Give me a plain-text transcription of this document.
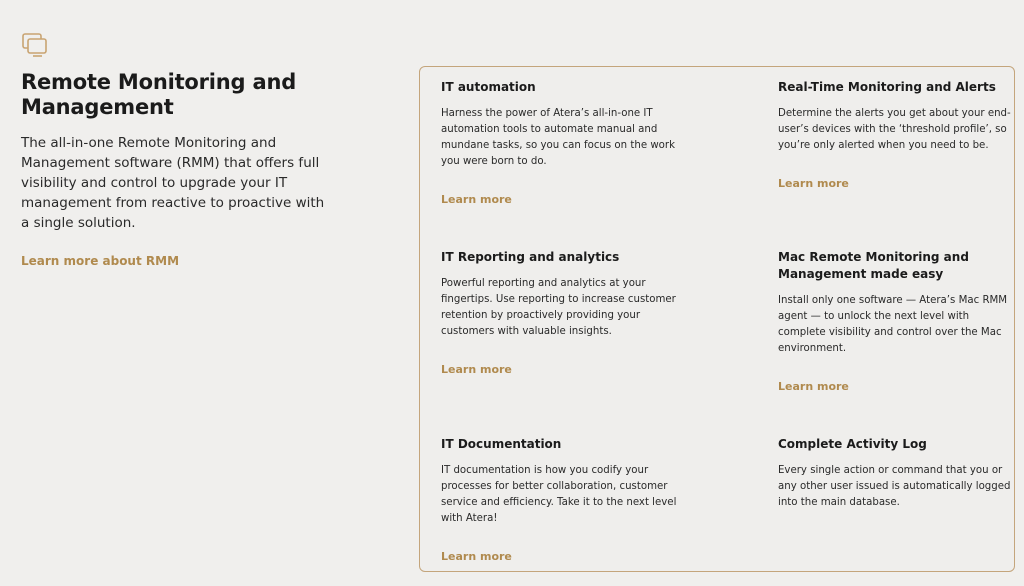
Remote Monitoring and Management

The all-in-one Remote Monitoring and Management software (RMM) that offers full visibility and control to upgrade your IT management from reactive to proactive with a single solution.

Learn more about RMM
IT automation

Harness the power of Atera’s all-in-one IT automation tools to automate manual and mundane tasks, so you can focus on the work you were born to do.

Learn more
Real-Time Monitoring and Alerts

Determine the alerts you get about your end-user’s devices with the ‘threshold profile’, so you’re only alerted when you need to be.

Learn more
IT Reporting and analytics

Powerful reporting and analytics at your fingertips. Use reporting to increase customer retention by proactively providing your customers with valuable insights.

Learn more
Mac Remote Monitoring and Management made easy

Install only one software — Atera’s Mac RMM agent — to unlock the next level with complete visibility and control over the Mac environment.

Learn more
IT Documentation

IT documentation is how you codify your processes for better collaboration, customer service and efficiency. Take it to the next level with Atera!

Learn more
Complete Activity Log

Every single action or command that you or any other user issued is automatically logged into the main database.
